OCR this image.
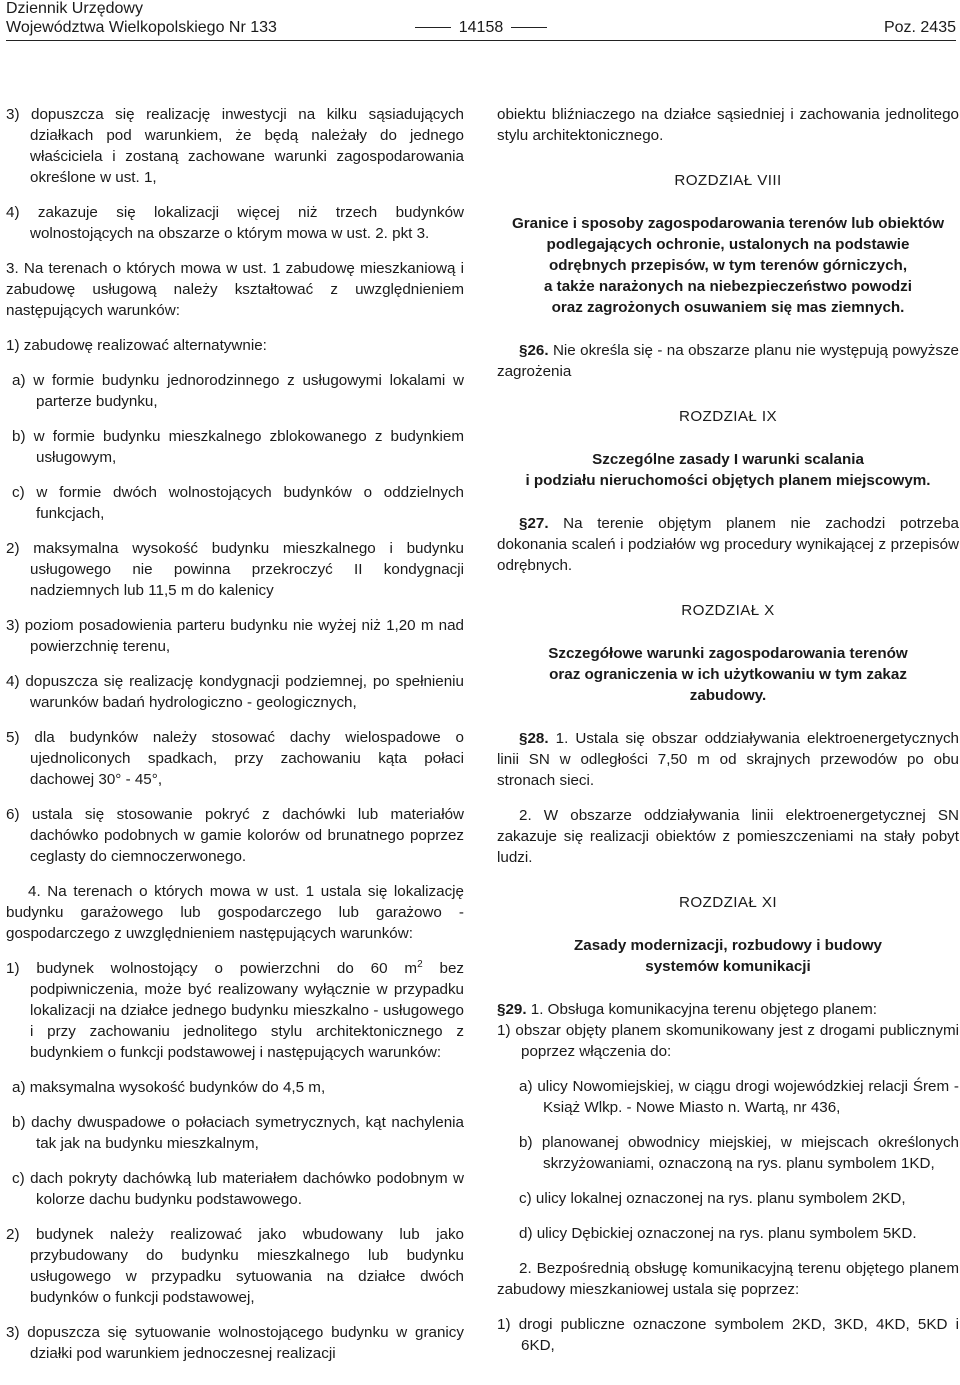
Dziennik Urzędowy
Województwa Wielkopolskiego Nr 133	14158	Poz. 2435

3) dopuszcza się realizację inwestycji na kilku sąsiadujących działkach pod warunkiem, że będą należały do jednego właściciela i zostaną zachowane warunki zagospodarowania określone w ust. 1,

4) zakazuje się lokalizacji więcej niż trzech budynków wolnostojących na obszarze o którym mowa w ust. 2. pkt 3.

3. Na terenach o których mowa w ust. 1 zabudowę mieszkaniową i zabudowę usługową należy kształtować z uwzględnieniem następujących warunków:

1) zabudowę realizować alternatywnie:

a) w formie budynku jednorodzinnego z usługowymi lokalami w parterze budynku,

b) w formie budynku mieszkalnego zblokowanego z budynkiem usługowym,

c) w formie dwóch wolnostojących budynków o oddzielnych funkcjach,

2) maksymalna wysokość budynku mieszkalnego i budynku usługowego nie powinna przekroczyć II kondygnacji nadziemnych lub 11,5 m do kalenicy

3) poziom posadowienia parteru budynku nie wyżej niż 1,20 m nad powierzchnię terenu,

4) dopuszcza się realizację kondygnacji podziemnej, po spełnieniu warunków badań hydrologiczno - geologicznych,

5) dla budynków należy stosować dachy wielospadowe o ujednoliconych spadkach, przy zachowaniu kąta połaci dachowej 30° - 45°,

6) ustala się stosowanie pokryć z dachówki lub materiałów dachówko podobnych w gamie kolorów od brunatnego poprzez ceglasty do ciemnoczerwonego.

4. Na terenach o których mowa w ust. 1 ustala się lokalizację budynku garażowego lub gospodarczego lub garażowo -gospodarczego z uwzględnieniem następujących warunków:

1) budynek wolnostojący o powierzchni do 60 $m^2$ bez podpiwniczenia, może być realizowany wyłącznie w przypadku lokalizacji na działce jednego budynku mieszkalno - usługowego i przy zachowaniu jednolitego stylu architektonicznego z budynkiem o funkcji podstawowej i następujących warunków:

a) maksymalna wysokość budynków do 4,5 m,

b) dachy dwuspadowe o połaciach symetrycznych, kąt nachylenia tak jak na budynku mieszkalnym,

c) dach pokryty dachówką lub materiałem dachówko podobnym w kolorze dachu budynku podstawowego.

2) budynek należy realizować jako wbudowany lub jako przybudowany do budynku mieszkalnego lub budynku usługowego w przypadku sytuowania na działce dwóch budynków o funkcji podstawowej,

3) dopuszcza się sytuowanie wolnostojącego budynku w granicy działki pod warunkiem jednoczesnej realizacji

obiektu bliźniaczego na działce sąsiedniej i zachowania jednolitego stylu architektonicznego.

ROZDZIAŁ VIII

Granice i sposoby zagospodarowania terenów lub obiektów
podlegających ochronie, ustalonych na podstawie
odrębnych przepisów, w tym terenów górniczych,
a także narażonych na niebezpieczeństwo powodzi
oraz zagrożonych osuwaniem się mas ziemnych.

§26. Nie określa się - na obszarze planu nie występują powyższe zagrożenia

ROZDZIAŁ IX

Szczególne zasady I warunki scalania
i podziału nieruchomości objętych planem miejscowym.

§27. Na terenie objętym planem nie zachodzi potrzeba dokonania scaleń i podziałów wg procedury wynikającej z przepisów odrębnych.

ROZDZIAŁ X

Szczegółowe warunki zagospodarowania terenów
oraz ograniczenia w ich użytkowaniu w tym zakaz
zabudowy.

§28. 1. Ustala się obszar oddziaływania elektroenergetycznych linii SN w odległości 7,50 m od skrajnych przewodów po obu stronach sieci.

2. W obszarze oddziaływania linii elektroenergetycznej SN zakazuje się realizacji obiektów z pomieszczeniami na stały pobyt ludzi.

ROZDZIAŁ XI

Zasady modernizacji, rozbudowy i budowy
systemów komunikacji

§29. 1. Obsługa komunikacyjna terenu objętego planem:

1) obszar objęty planem skomunikowany jest z drogami publicznymi poprzez włączenia do:

a) ulicy Nowomiejskiej, w ciągu drogi wojewódzkiej relacji Śrem - Książ Wlkp. - Nowe Miasto n. Wartą, nr 436,

b) planowanej obwodnicy miejskiej, w miejscach określonych skrzyżowaniami, oznaczoną na rys. planu symbolem 1KD,

c) ulicy lokalnej oznaczonej na rys. planu symbolem 2KD,

d) ulicy Dębickiej oznaczonej na rys. planu symbolem 5KD.

2. Bezpośrednią obsługę komunikacyjną terenu objętego planem zabudowy mieszkaniowej ustala się poprzez:

1) drogi publiczne oznaczone symbolem 2KD, 3KD, 4KD, 5KD i 6KD,
